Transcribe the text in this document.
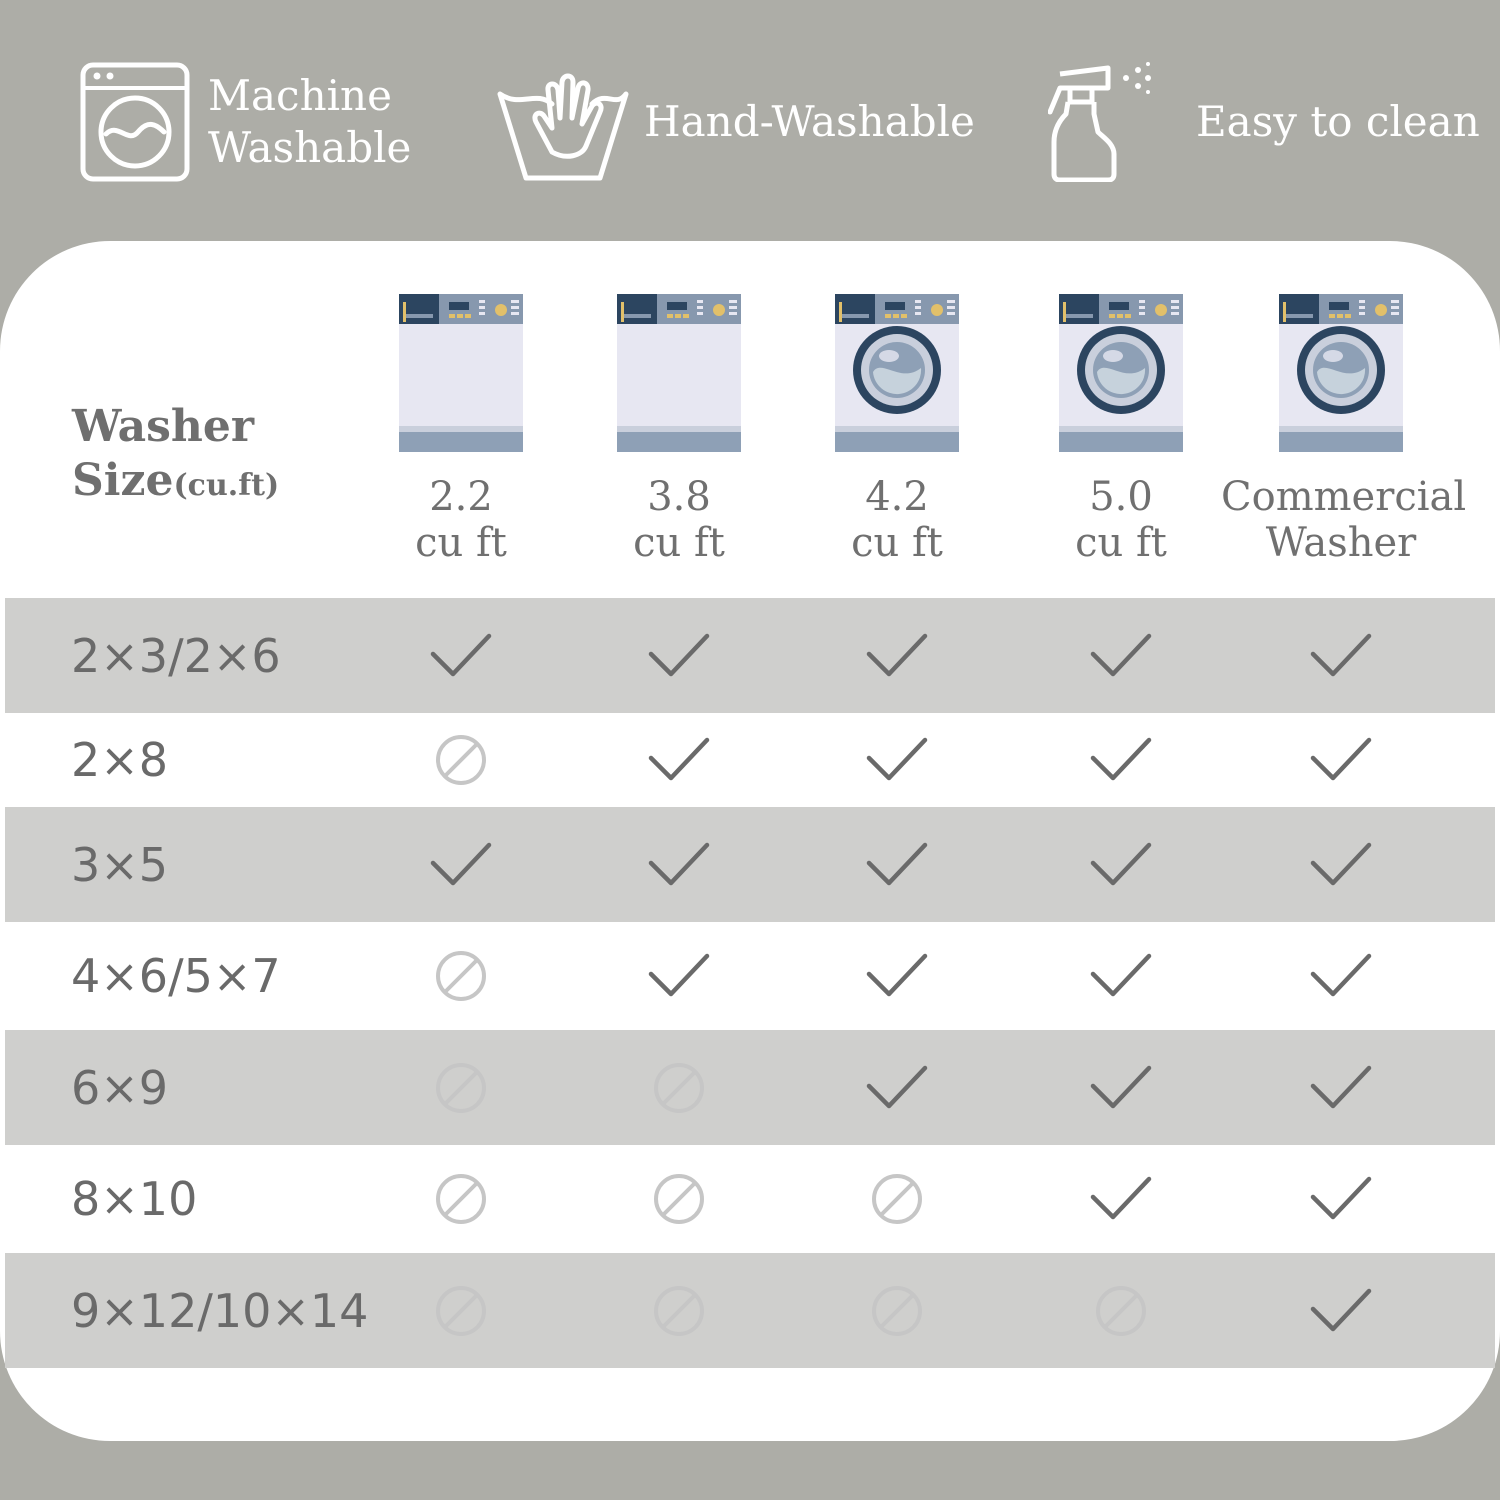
Machine
Washable
Hand-Washable	Easy to clean
Washer
Size(cu.ft)	2.2
cu ft
3.8
cu ft
4.2
cu ft
5.0
cu ft
Commercial
Washer
2×3/2×6
2×8
3×5
4×6/5×7
6×9
8×10
9×12/10×14
